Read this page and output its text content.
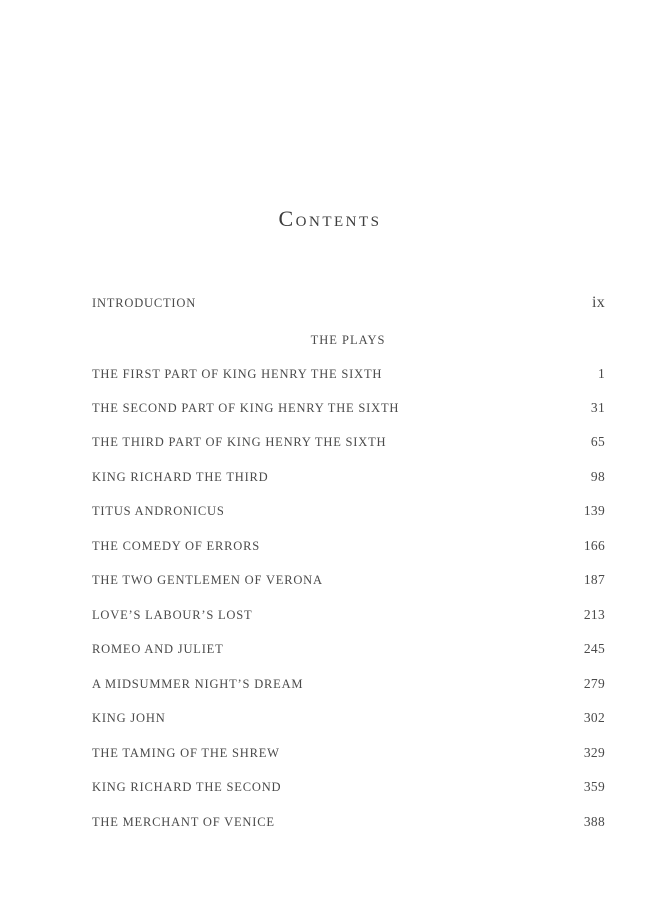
Contents
INTRODUCTION	ix
THE PLAYS
THE FIRST PART OF KING HENRY THE SIXTH	1
THE SECOND PART OF KING HENRY THE SIXTH	31
THE THIRD PART OF KING HENRY THE SIXTH	65
KING RICHARD THE THIRD	98
TITUS ANDRONICUS	139
THE COMEDY OF ERRORS	166
THE TWO GENTLEMEN OF VERONA	187
LOVE’S LABOUR’S LOST	213
ROMEO AND JULIET	245
A MIDSUMMER NIGHT’S DREAM	279
KING JOHN	302
THE TAMING OF THE SHREW	329
KING RICHARD THE SECOND	359
THE MERCHANT OF VENICE	388
